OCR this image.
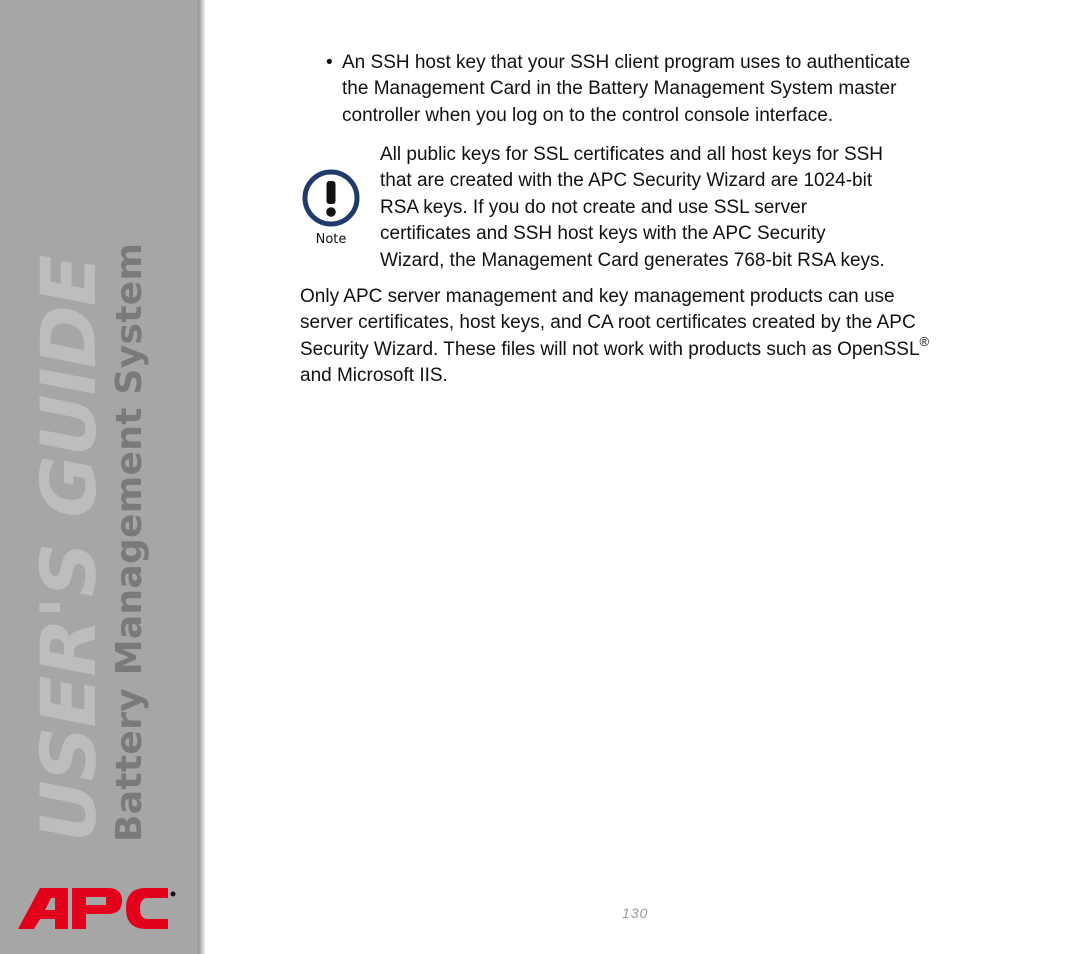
USER'S GUIDE
Battery Management System
• An SSH host key that your SSH client program uses to authenticate
the Management Card in the Battery Management System master
controller when you log on to the control console interface.
Note
All public keys for SSL certificates and all host keys for SSH
that are created with the APC Security Wizard are 1024-bit
RSA keys. If you do not create and use SSL server
certificates and SSH host keys with the APC Security
Wizard, the Management Card generates 768-bit RSA keys.
Only APC server management and key management products can use
server certificates, host keys, and CA root certificates created by the APC
Security Wizard. These files will not work with products such as OpenSSL®
and Microsoft IIS.
130
